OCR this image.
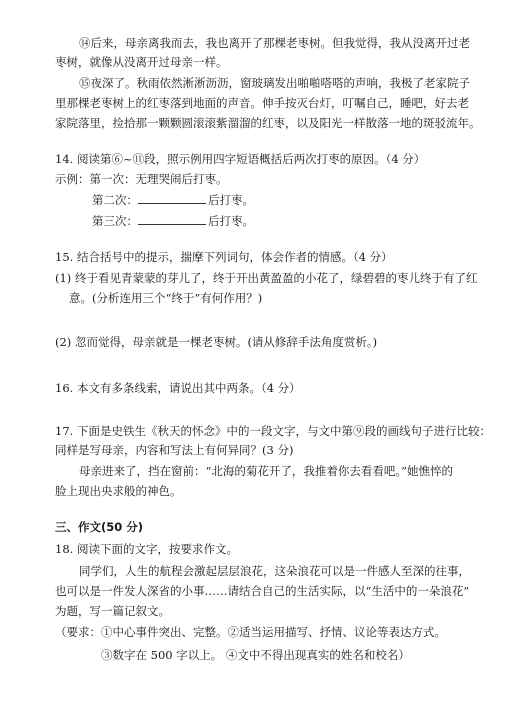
⑭后来，母亲离我而去，我也离开了那棵老枣树。但我觉得，我从没离开过老
枣树，就像从没离开过母亲一样。
⑮夜深了。秋雨依然淅淅沥沥，窗玻璃发出啪啪嗒嗒的声响，我极了老家院子
里那棵老枣树上的红枣落到地面的声音。伸手按灭台灯，叮嘱自己，睡吧，好去老
家院落里，捡拾那一颗颗圆滚滚紫溜溜的红枣，以及阳光一样散落一地的斑驳流年。
14. 阅读第⑥~⑪段，照示例用四字短语概括后两次打枣的原因。（4 分）
示例：第一次：无理哭闹后打枣。
第二次：	后打枣。
第三次：	后打枣。
15. 结合括号中的提示，揣摩下列词句，体会作者的情感。（4 分）
(1) 终于看见青蒙蒙的芽儿了，终于开出黄盈盈的小花了，绿碧碧的枣儿终于有了红
意。(分析连用三个“终于”有何作用？)
(2) 忽而觉得，母亲就是一棵老枣树。(请从修辞手法角度赏析。)
16. 本文有多条线索，请说出其中两条。（4 分）
17. 下面是史铁生《秋天的怀念》中的一段文字，与文中第⑨段的画线句子进行比较：
同样是写母亲，内容和写法上有何异同？(3 分)
母亲进来了，挡在窗前：“北海的菊花开了，我推着你去看看吧。”她憔悴的
脸上现出央求般的神色。
三、作文(50 分)
18. 阅读下面的文字，按要求作文。
同学们，人生的航程会激起层层浪花，这朵浪花可以是一件感人至深的往事，
也可以是一件发人深省的小事……请结合自己的生活实际，以“生活中的一朵浪花”
为题，写一篇记叙文。
（要求：①中心事件突出、完整。②适当运用描写、抒情、议论等表达方式。
③数字在 500 字以上。 ④文中不得出现真实的姓名和校名）
